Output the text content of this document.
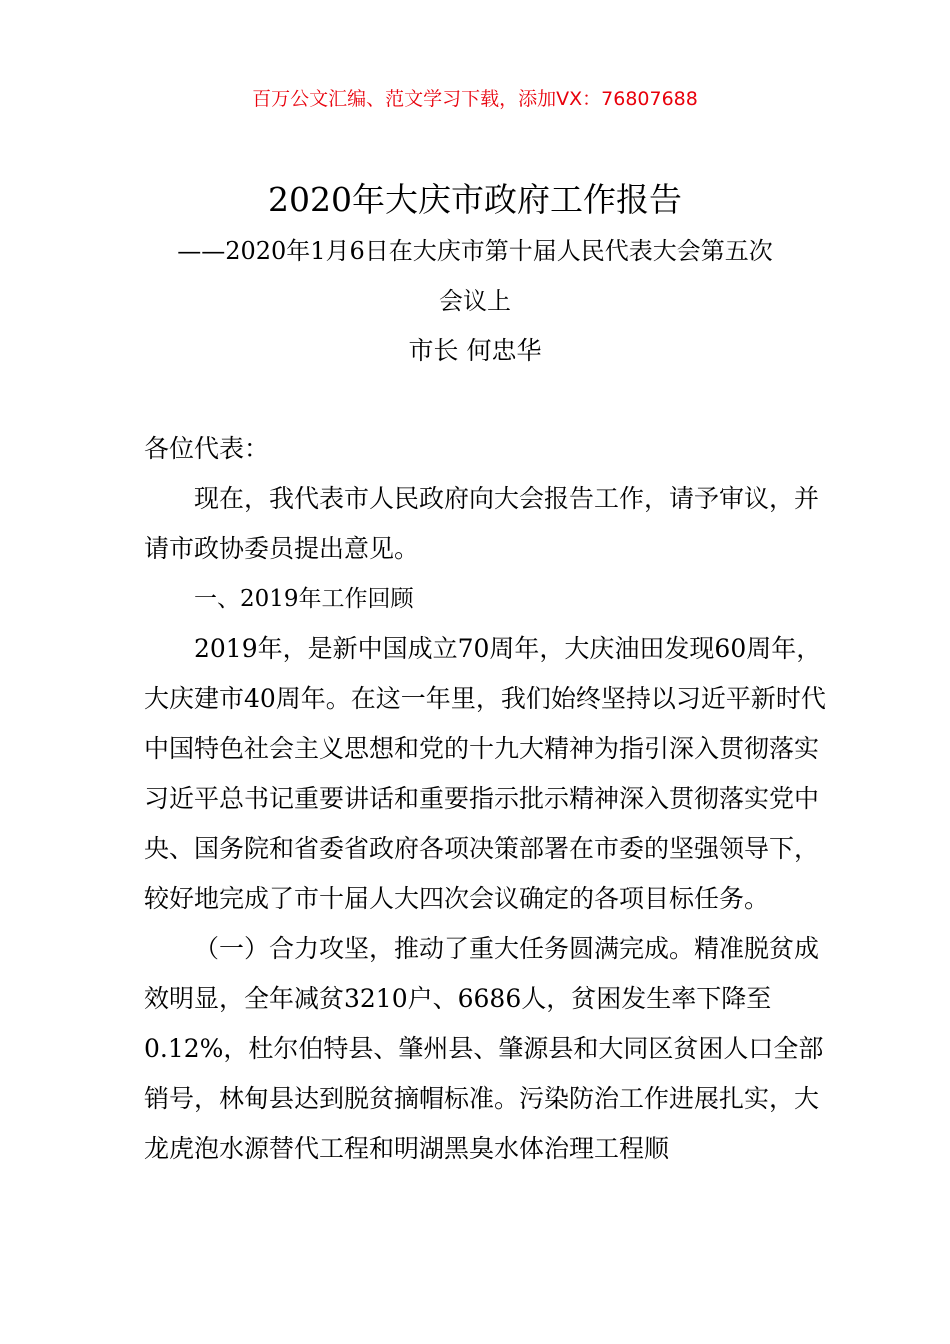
百万公文汇编、范文学习下载，添加VX：76807688
2020年大庆市政府工作报告
——2020年1月6日在大庆市第十届人民代表大会第五次
会议上
市长 何忠华

各位代表：

现在，我代表市人民政府向大会报告工作，请予审议，并请市政协委员提出意见。

一、2019年工作回顾

2019年，是新中国成立70周年，大庆油田发现60周年，大庆建市40周年。在这一年里，我们始终坚持以习近平新时代中国特色社会主义思想和党的十九大精神为指引深入贯彻落实习近平总书记重要讲话和重要指示批示精神深入贯彻落实党中央、国务院和省委省政府各项决策部署在市委的坚强领导下，较好地完成了市十届人大四次会议确定的各项目标任务。

（一）合力攻坚，推动了重大任务圆满完成。精准脱贫成效明显，全年减贫3210户、6686人，贫困发生率下降至0.12%，杜尔伯特县、肇州县、肇源县和大同区贫困人口全部销号，林甸县达到脱贫摘帽标准。污染防治工作进展扎实，大龙虎泡水源替代工程和明湖黑臭水体治理工程顺
